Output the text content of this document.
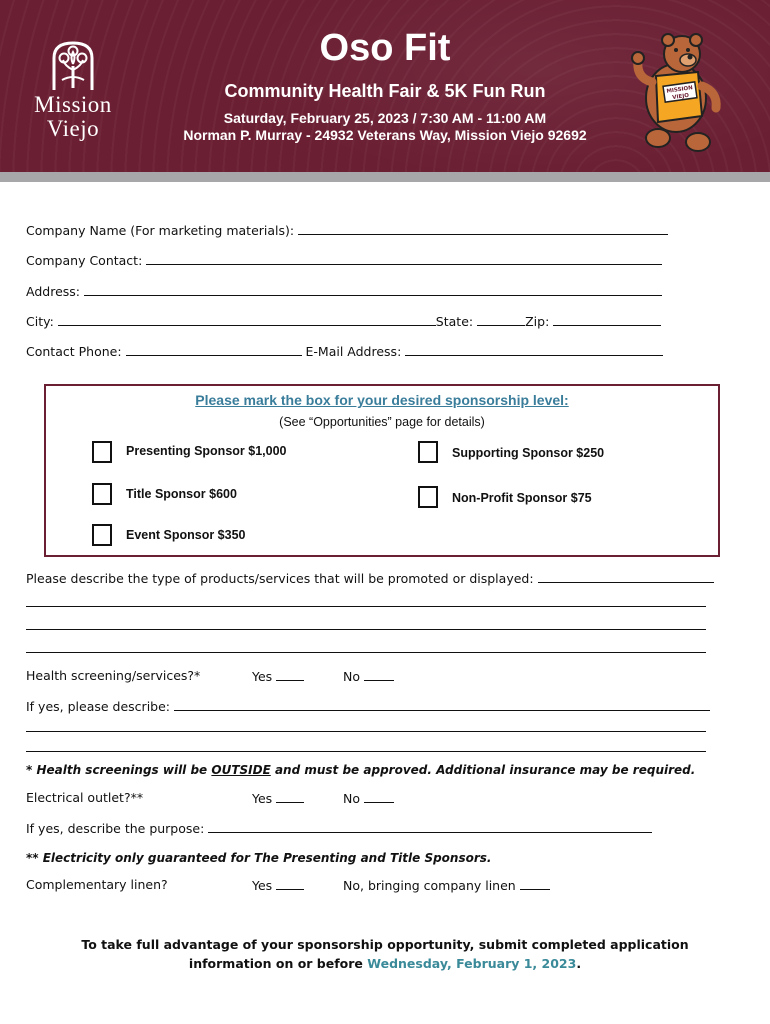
Mission
Viejo
Oso Fit
Community Health Fair & 5K Fun Run
Saturday, February 25, 2023 / 7:30 AM - 11:00 AM
Norman P. Murray - 24932 Veterans Way, Mission Viejo 92692
MISSION
VIEJO
Company Name (For marketing materials):
Company Contact:
Address:
City:	State:	Zip:
Contact Phone:	E-Mail Address:
Please mark the box for your desired sponsorship level:
(See “Opportunities” page for details)
Presenting Sponsor $1,000	Supporting Sponsor $250
Title Sponsor $600	Non-Profit Sponsor $75
Event Sponsor $350
Please describe the type of products/services that will be promoted or displayed:
Health screening/services?*	Yes	No
If yes, please describe:
* Health screenings will be OUTSIDE and must be approved. Additional insurance may be required.
Electrical outlet?**	Yes	No
If yes, describe the purpose:
** Electricity only guaranteed for The Presenting and Title Sponsors.
Complementary linen?	Yes	No, bringing company linen
To take full advantage of your sponsorship opportunity, submit completed application
information on or before Wednesday, February 1, 2023.
